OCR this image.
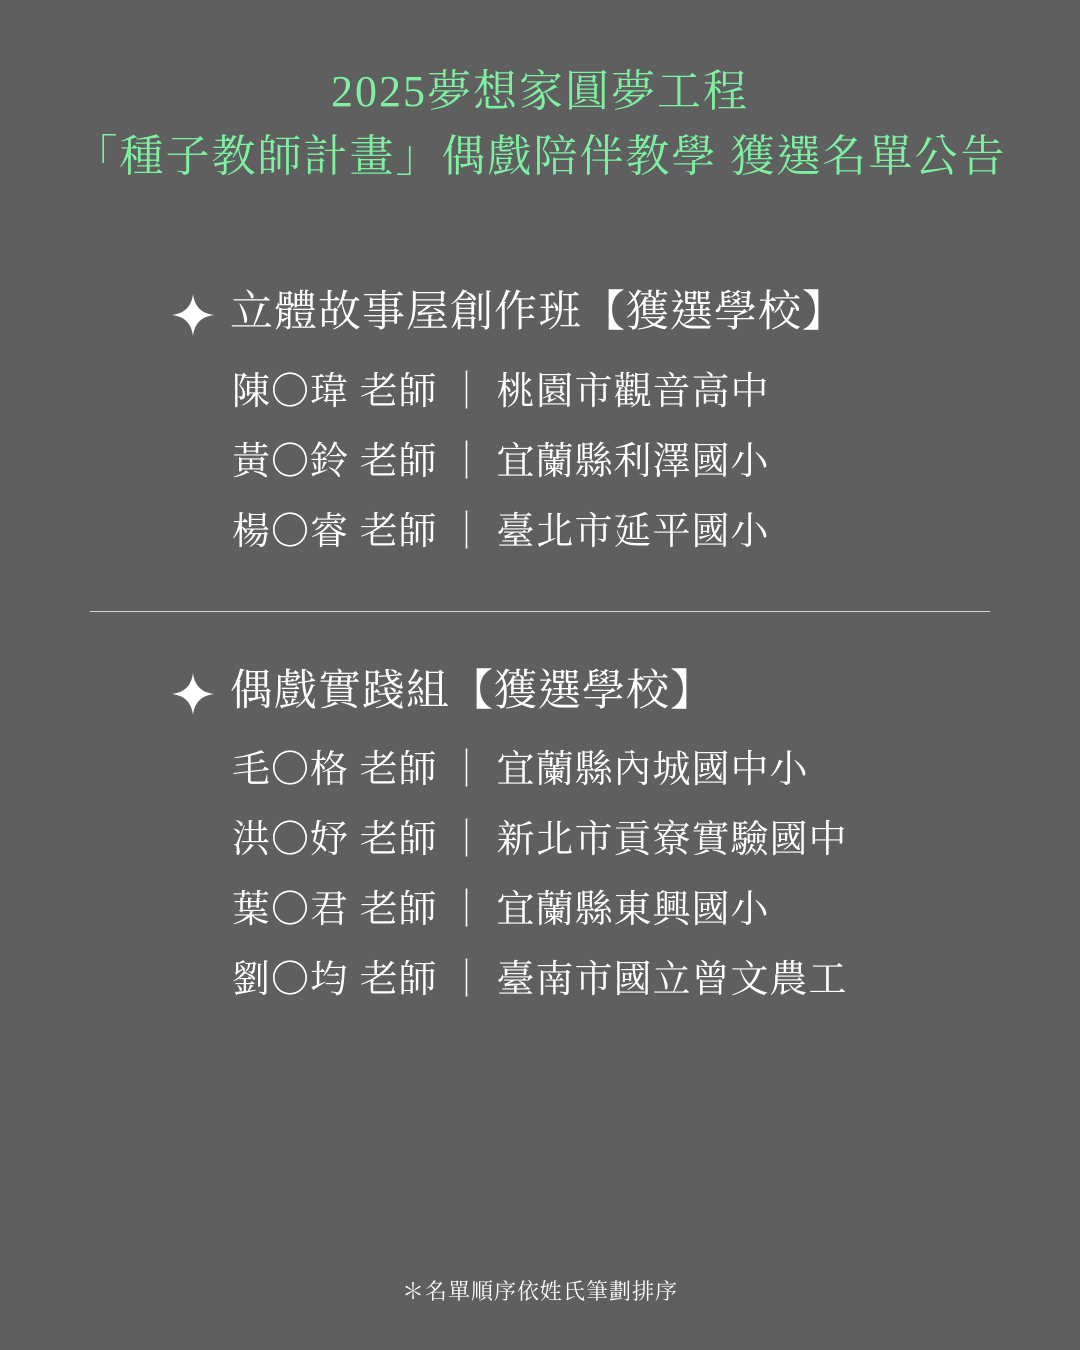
2025夢想家圓夢工程
「種子教師計畫」偶戲陪伴教學 獲選名單公告
立體故事屋創作班【獲選學校】
陳〇瑋 老師 ｜ 桃園市觀音高中
黃〇鈴 老師 ｜ 宜蘭縣利澤國小
楊〇睿 老師 ｜ 臺北市延平國小
偶戲實踐組【獲選學校】
毛〇格 老師 ｜ 宜蘭縣內城國中小
洪〇妤 老師 ｜ 新北市貢寮實驗國中
葉〇君 老師 ｜ 宜蘭縣東興國小
劉〇均 老師 ｜ 臺南市國立曾文農工
＊名單順序依姓氏筆劃排序
